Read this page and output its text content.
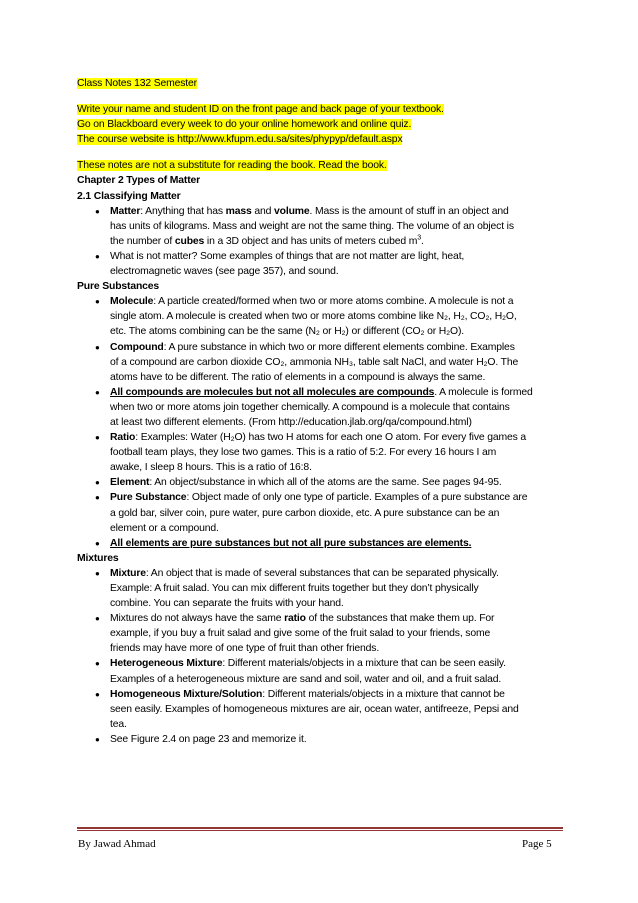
Class Notes 132 Semester
Write your name and student ID on the front page and back page of your textbook.
Go on Blackboard every week to do your online homework and online quiz.
The course website is http://www.kfupm.edu.sa/sites/phypyp/default.aspx
These notes are not a substitute for reading the book. Read the book.
Chapter 2 Types of Matter
2.1 Classifying Matter
● Matter: Anything that has mass and volume. Mass is the amount of stuff in an object and
has units of kilograms. Mass and weight are not the same thing. The volume of an object is
the number of cubes in a 3D object and has units of meters cubed $m^3$.
● What is not matter? Some examples of things that are not matter are light, heat,
electromagnetic waves (see page 357), and sound.
Pure Substances
● Molecule: A particle created/formed when two or more atoms combine. A molecule is not a
single atom. A molecule is created when two or more atoms combine like N₂, H₂, CO₂, H₂O,
etc. The atoms combining can be the same (N₂ or H₂) or different (CO₂ or H₂O).
● Compound: A pure substance in which two or more different elements combine. Examples
of a compound are carbon dioxide CO₂, ammonia NH₃, table salt NaCl, and water H₂O. The
atoms have to be different. The ratio of elements in a compound is always the same.
● All compounds are molecules but not all molecules are compounds. A molecule is formed
when two or more atoms join together chemically. A compound is a molecule that contains
at least two different elements. (From http://education.jlab.org/qa/compound.html)
● Ratio: Examples: Water (H₂O) has two H atoms for each one O atom. For every five games a
football team plays, they lose two games. This is a ratio of 5:2. For every 16 hours I am
awake, I sleep 8 hours. This is a ratio of 16:8.
● Element: An object/substance in which all of the atoms are the same. See pages 94-95.
● Pure Substance: Object made of only one type of particle. Examples of a pure substance are
a gold bar, silver coin, pure water, pure carbon dioxide, etc. A pure substance can be an
element or a compound.
● All elements are pure substances but not all pure substances are elements.
Mixtures
● Mixture: An object that is made of several substances that can be separated physically.
Example: A fruit salad. You can mix different fruits together but they don’t physically
combine. You can separate the fruits with your hand.
● Mixtures do not always have the same ratio of the substances that make them up. For
example, if you buy a fruit salad and give some of the fruit salad to your friends, some
friends may have more of one type of fruit than other friends.
● Heterogeneous Mixture: Different materials/objects in a mixture that can be seen easily.
Examples of a heterogeneous mixture are sand and soil, water and oil, and a fruit salad.
● Homogeneous Mixture/Solution: Different materials/objects in a mixture that cannot be
seen easily. Examples of homogeneous mixtures are air, ocean water, antifreeze, Pepsi and
tea.
● See Figure 2.4 on page 23 and memorize it.
By Jawad Ahmad	Page 5
